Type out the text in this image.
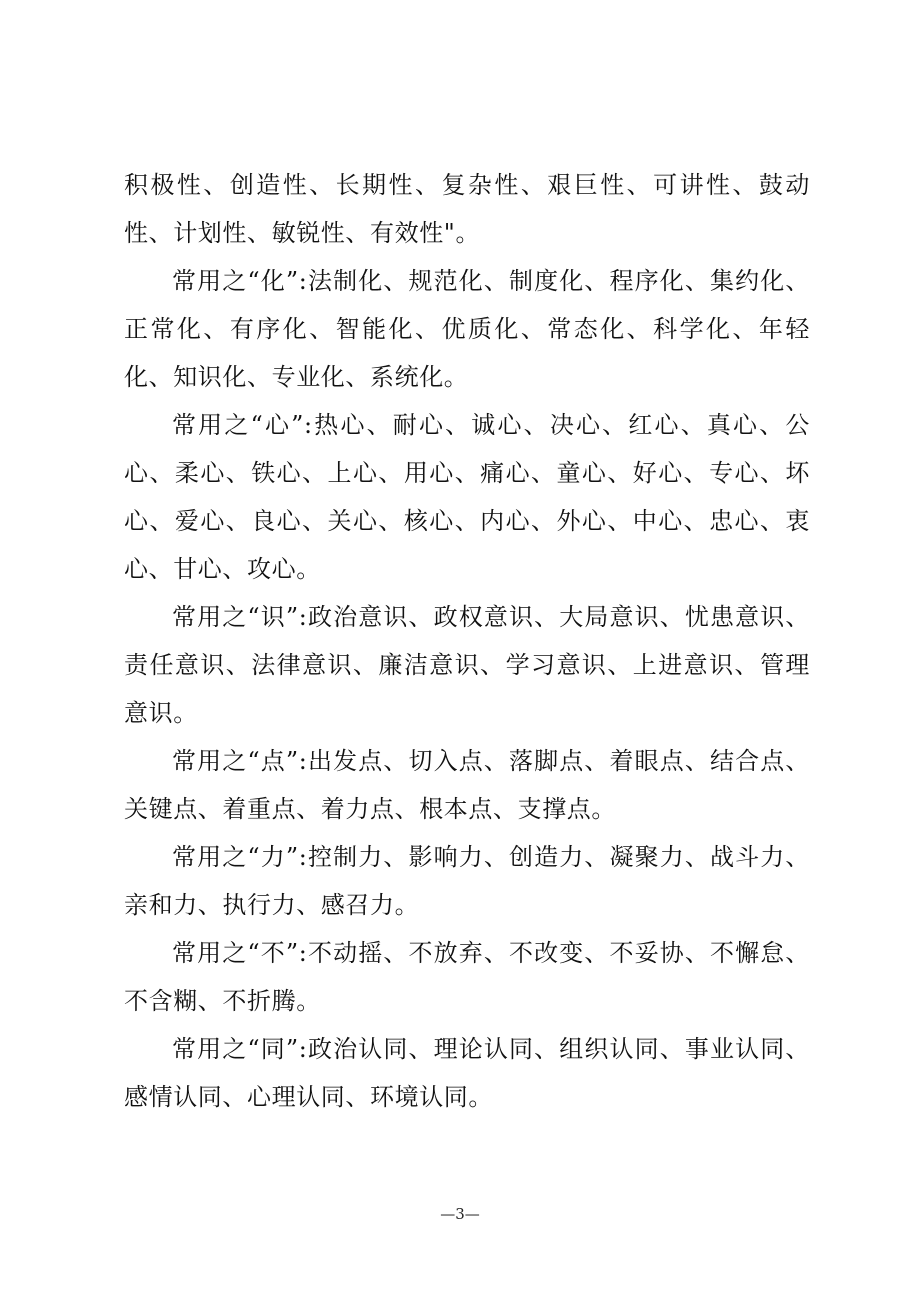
积极性、创造性、长期性、复杂性、艰巨性、可讲性、鼓动性、计划性、敏锐性、有效性"。

常用之“化”:法制化、规范化、制度化、程序化、集约化、正常化、有序化、智能化、优质化、常态化、科学化、年轻化、知识化、专业化、系统化。

常用之“心”:热心、耐心、诚心、决心、红心、真心、公心、柔心、铁心、上心、用心、痛心、童心、好心、专心、坏心、爱心、良心、关心、核心、内心、外心、中心、忠心、衷心、甘心、攻心。

常用之“识”:政治意识、政权意识、大局意识、忧患意识、责任意识、法律意识、廉洁意识、学习意识、上进意识、管理意识。

常用之“点”:出发点、切入点、落脚点、着眼点、结合点、关键点、着重点、着力点、根本点、支撑点。

常用之“力”:控制力、影响力、创造力、凝聚力、战斗力、亲和力、执行力、感召力。

常用之“不”:不动摇、不放弃、不改变、不妥协、不懈怠、不含糊、不折腾。

常用之“同”:政治认同、理论认同、组织认同、事业认同、感情认同、心理认同、环境认同。

—3—
